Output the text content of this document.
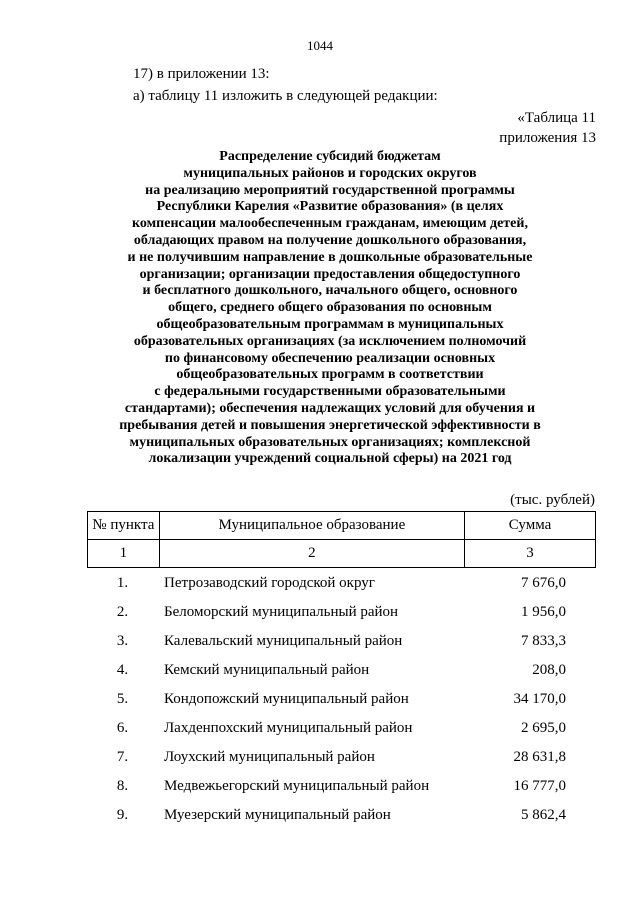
1044
17) в приложении 13:
а) таблицу 11 изложить в следующей редакции:
«Таблица 11
приложения 13
Распределение субсидий бюджетам
муниципальных районов и городских округов
на реализацию мероприятий государственной программы
Республики Карелия «Развитие образования» (в целях
компенсации малообеспеченным гражданам, имеющим детей,
обладающих правом на получение дошкольного образования,
и не получившим направление в дошкольные образовательные
организации; организации предоставления общедоступного
и бесплатного дошкольного, начального общего, основного
общего, среднего общего образования по основным
общеобразовательным программам в муниципальных
образовательных организациях (за исключением полномочий
по финансовому обеспечению реализации основных
общеобразовательных программ в соответствии
с федеральными государственными образовательными
стандартами); обеспечения надлежащих условий для обучения и
пребывания детей и повышения энергетической эффективности в
муниципальных образовательных организациях; комплексной
локализации учреждений социальной сферы) на 2021 год
(тыс. рублей)
№ пункта	Муниципальное образование	Сумма
1	2	3
1.	Петрозаводский городской округ	7 676,0
2.	Беломорский муниципальный район	1 956,0
3.	Калевальский муниципальный район	7 833,3
4.	Кемский муниципальный район	208,0
5.	Кондопожский муниципальный район	34 170,0
6.	Лахденпохский муниципальный район	2 695,0
7.	Лоухский муниципальный район	28 631,8
8.	Медвежьегорский муниципальный район	16 777,0
9.	Муезерский муниципальный район	5 862,4
